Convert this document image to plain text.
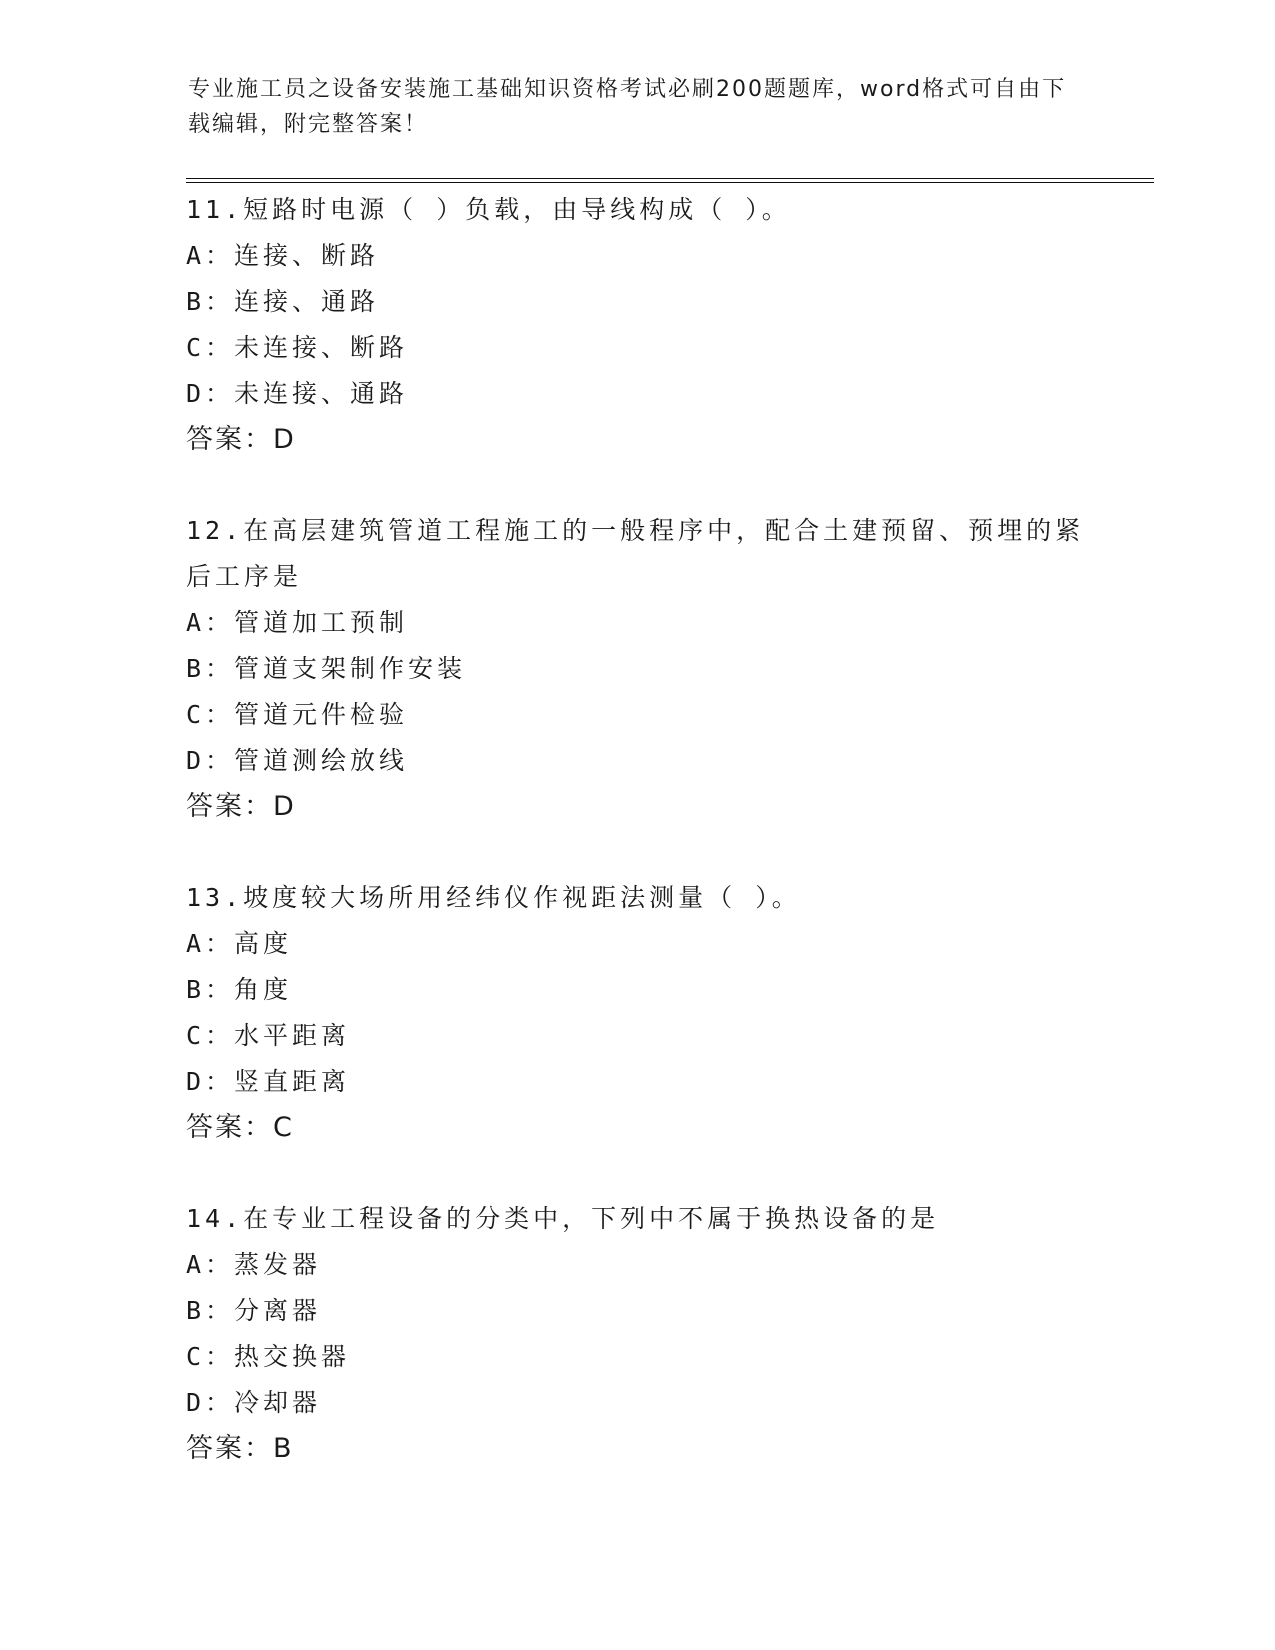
专业施工员之设备安装施工基础知识资格考试必刷200题题库，word格式可自由下载编辑，附完整答案！

11.短路时电源（ ）负载，由导线构成（ ）。

A：连接、断路

B：连接、通路

C：未连接、断路

D：未连接、通路

答案：D

12.在高层建筑管道工程施工的一般程序中，配合土建预留、预埋的紧后工序是

A：管道加工预制

B：管道支架制作安装

C：管道元件检验

D：管道测绘放线

答案：D

13.坡度较大场所用经纬仪作视距法测量（ ）。

A：高度

B：角度

C：水平距离

D：竖直距离

答案：C

14.在专业工程设备的分类中，下列中不属于换热设备的是

A：蒸发器

B：分离器

C：热交换器

D：冷却器

答案：B
